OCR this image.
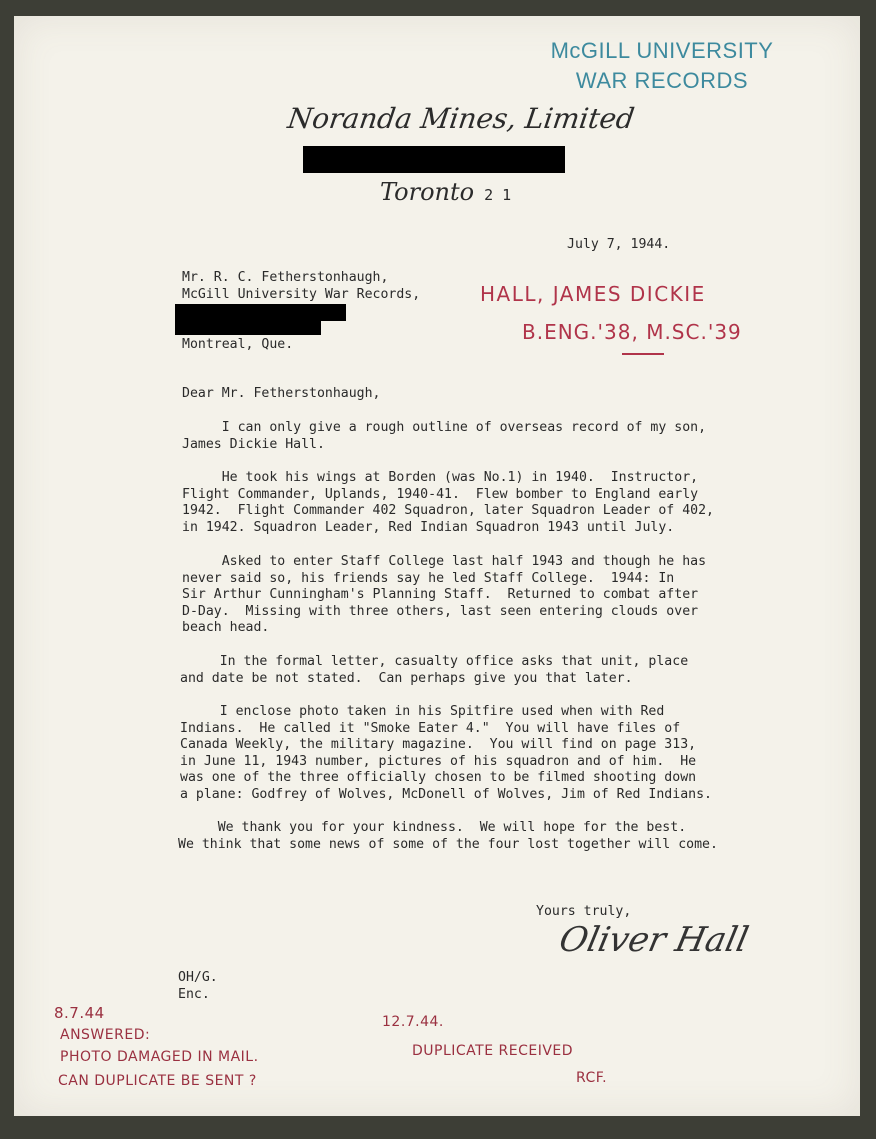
McGILL UNIVERSITY
WAR RECORDS
Noranda Mines, Limited
Toronto 2 1
July 7, 1944.
Mr. R. C. Fetherstonhaugh,
McGill University War Records,
Montreal, Que.
HALL, JAMES DICKIE
B.ENG.'38, M.SC.'39
Dear Mr. Fetherstonhaugh,
I can only give a rough outline of overseas record of my son,
James Dickie Hall.
He took his wings at Borden (was No.1) in 1940.  Instructor,
Flight Commander, Uplands, 1940-41.  Flew bomber to England early
1942.  Flight Commander 402 Squadron, later Squadron Leader of 402,
in 1942. Squadron Leader, Red Indian Squadron 1943 until July.
Asked to enter Staff College last half 1943 and though he has
never said so, his friends say he led Staff College.  1944: In
Sir Arthur Cunningham's Planning Staff.  Returned to combat after
D-Day.  Missing with three others, last seen entering clouds over
beach head.
In the formal letter, casualty office asks that unit, place
and date be not stated.  Can perhaps give you that later.
I enclose photo taken in his Spitfire used when with Red
Indians.  He called it "Smoke Eater 4."  You will have files of
Canada Weekly, the military magazine.  You will find on page 313,
in June 11, 1943 number, pictures of his squadron and of him.  He
was one of the three officially chosen to be filmed shooting down
a plane: Godfrey of Wolves, McDonell of Wolves, Jim of Red Indians.
We thank you for your kindness.  We will hope for the best.
We think that some news of some of the four lost together will come.
Yours truly,
Oliver Hall
OH/G.
Enc.
8.7.44
ANSWERED:
PHOTO DAMAGED IN MAIL.
CAN DUPLICATE BE SENT ?
12.7.44.
DUPLICATE RECEIVED
RCF.
